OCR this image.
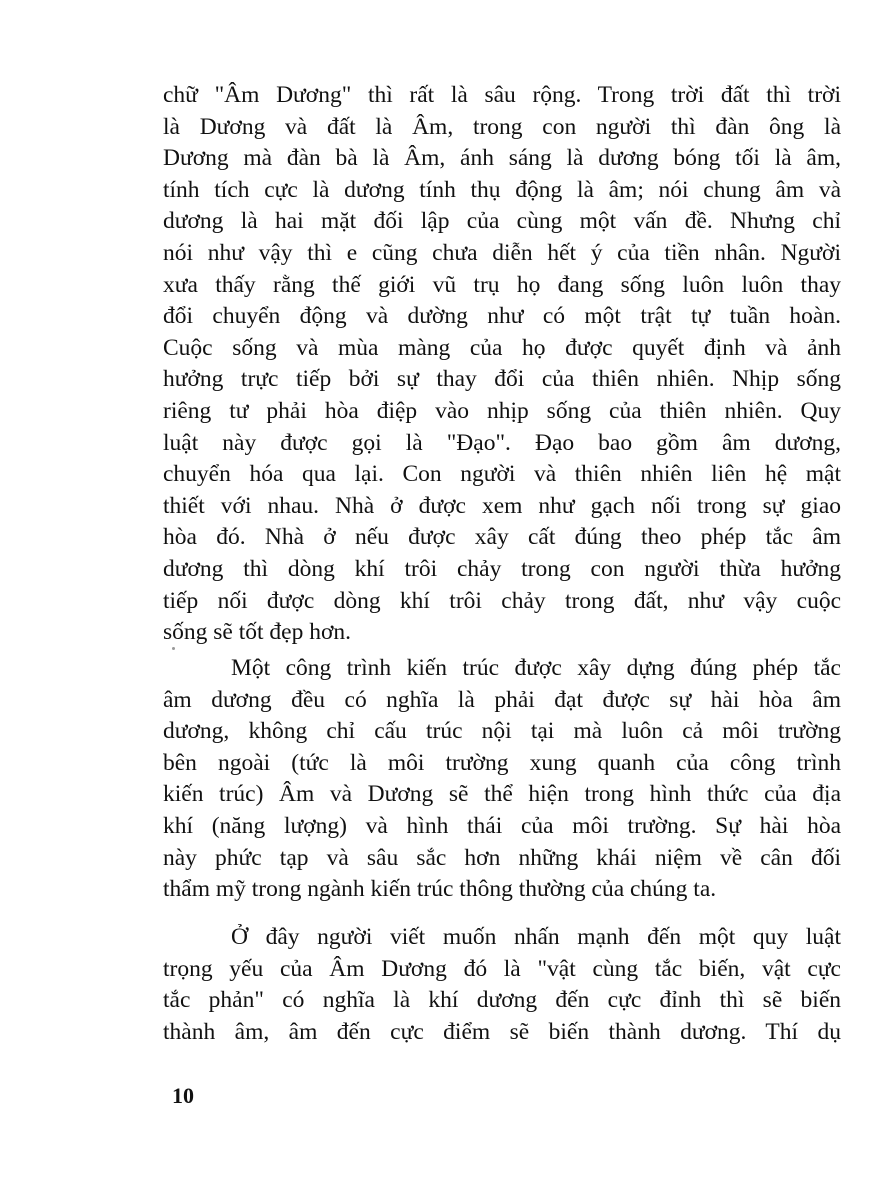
chữ "Âm Dương" thì rất là sâu rộng. Trong trời đất thì trời
là Dương và đất là Âm, trong con người thì đàn ông là
Dương mà đàn bà là Âm, ánh sáng là dương bóng tối là âm,
tính tích cực là dương tính thụ động là âm; nói chung âm và
dương là hai mặt đối lập của cùng một vấn đề. Nhưng chỉ
nói như vậy thì e cũng chưa diễn hết ý của tiền nhân. Người
xưa thấy rằng thế giới vũ trụ họ đang sống luôn luôn thay
đổi chuyển động và dường như có một trật tự tuần hoàn.
Cuộc sống và mùa màng của họ được quyết định và ảnh
hưởng trực tiếp bởi sự thay đổi của thiên nhiên. Nhịp sống
riêng tư phải hòa điệp vào nhịp sống của thiên nhiên. Quy
luật này được gọi là "Đạo". Đạo bao gồm âm dương,
chuyển hóa qua lại. Con người và thiên nhiên liên hệ mật
thiết với nhau. Nhà ở được xem như gạch nối trong sự giao
hòa đó. Nhà ở nếu được xây cất đúng theo phép tắc âm
dương thì dòng khí trôi chảy trong con người thừa hưởng
tiếp nối được dòng khí trôi chảy trong đất, như vậy cuộc
sống sẽ tốt đẹp hơn.
Một công trình kiến trúc được xây dựng đúng phép tắc
âm dương đều có nghĩa là phải đạt được sự hài hòa âm
dương, không chỉ cấu trúc nội tại mà luôn cả môi trường
bên ngoài (tức là môi trường xung quanh của công trình
kiến trúc) Âm và Dương sẽ thể hiện trong hình thức của địa
khí (năng lượng) và hình thái của môi trường. Sự hài hòa
này phức tạp và sâu sắc hơn những khái niệm về cân đối
thẩm mỹ trong ngành kiến trúc thông thường của chúng ta.
Ở đây người viết muốn nhấn mạnh đến một quy luật
trọng yếu của Âm Dương đó là "vật cùng tắc biến, vật cực
tắc phản" có nghĩa là khí dương đến cực đỉnh thì sẽ biến
thành âm, âm đến cực điểm sẽ biến thành dương. Thí dụ
10
